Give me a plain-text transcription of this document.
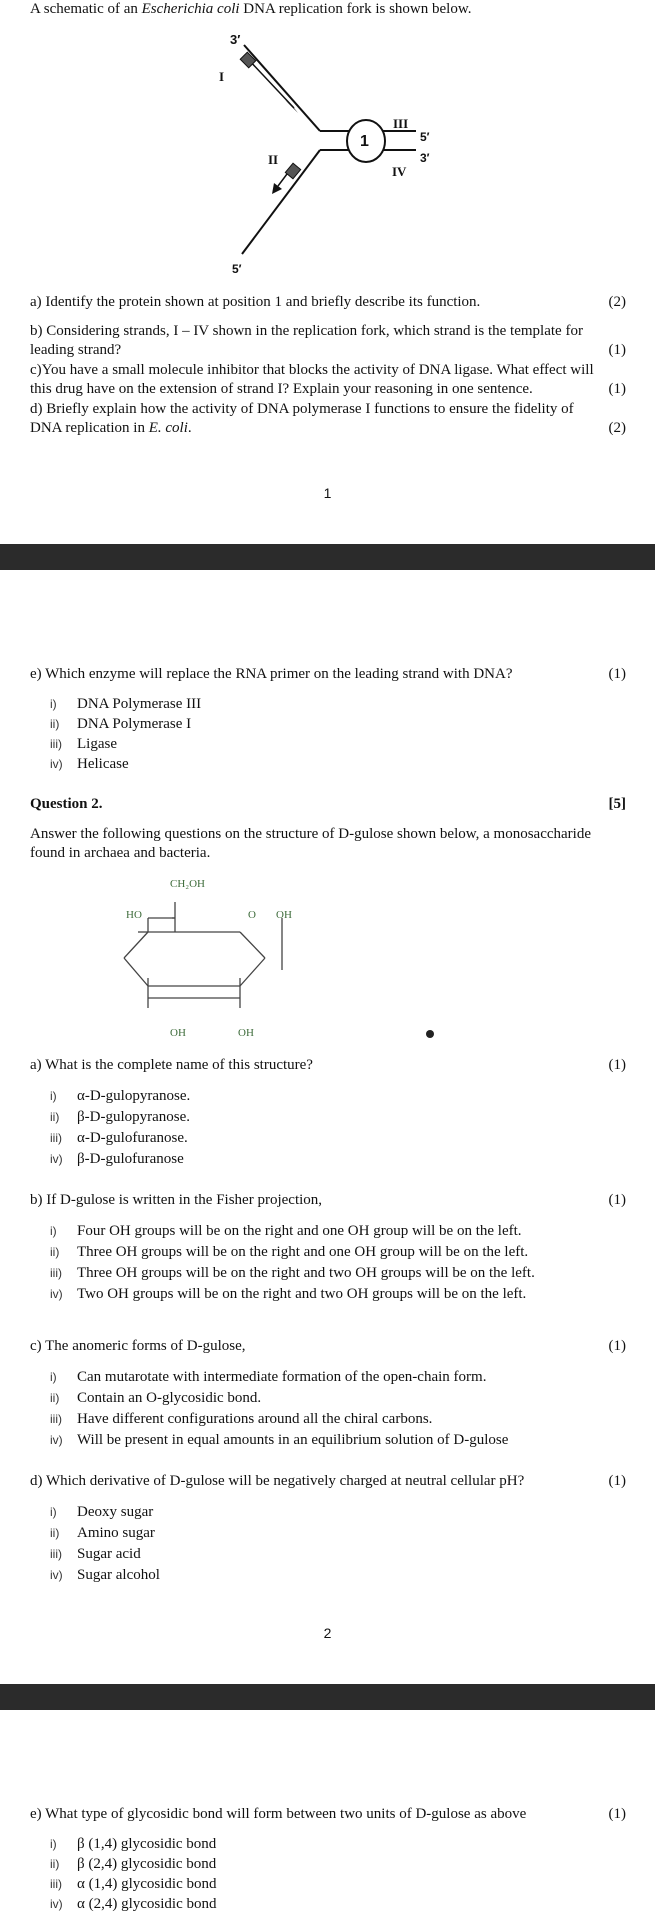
A schematic of an Escherichia coli DNA replication fork is shown below.
1
3′
I
II
III
IV
5′
3′
5′
a) Identify the protein shown at position 1 and briefly describe its function.	(2)
b) Considering strands, I – IV shown in the replication fork, which strand is the template for
leading strand?	(1)
c)You have a small molecule inhibitor that blocks the activity of DNA ligase. What effect will
this drug have on the extension of strand I? Explain your reasoning in one sentence.	(1)
d) Briefly explain how the activity of DNA polymerase I functions to ensure the fidelity of
DNA replication in E. coli.	(2)
1
e) Which enzyme will replace the RNA primer on the leading strand with DNA?	(1)
i) DNA Polymerase III
ii) DNA Polymerase I
iii) Ligase
iv) Helicase
Question 2.	[5]
Answer the following questions on the structure of D-gulose shown below, a monosaccharide
found in archaea and bacteria.
CH₂OH
HO	O OH
OH	OH
a) What is the complete name of this structure?	(1)
i) α-D-gulopyranose.
ii) β-D-gulopyranose.
iii) α-D-gulofuranose.
iv) β-D-gulofuranose
b) If D-gulose is written in the Fisher projection,	(1)
i) Four OH groups will be on the right and one OH group will be on the left.
ii) Three OH groups will be on the right and one OH group will be on the left.
iii) Three OH groups will be on the right and two OH groups will be on the left.
iv) Two OH groups will be on the right and two OH groups will be on the left.
c) The anomeric forms of D-gulose,	(1)
i) Can mutarotate with intermediate formation of the open-chain form.
ii) Contain an O-glycosidic bond.
iii) Have different configurations around all the chiral carbons.
iv) Will be present in equal amounts in an equilibrium solution of D-gulose
d) Which derivative of D-gulose will be negatively charged at neutral cellular pH?	(1)
i) Deoxy sugar
ii) Amino sugar
iii) Sugar acid
iv) Sugar alcohol
2
e) What type of glycosidic bond will form between two units of D-gulose as above	(1)
i) β (1,4) glycosidic bond
ii) β (2,4) glycosidic bond
iii) α (1,4) glycosidic bond
iv) α (2,4) glycosidic bond
